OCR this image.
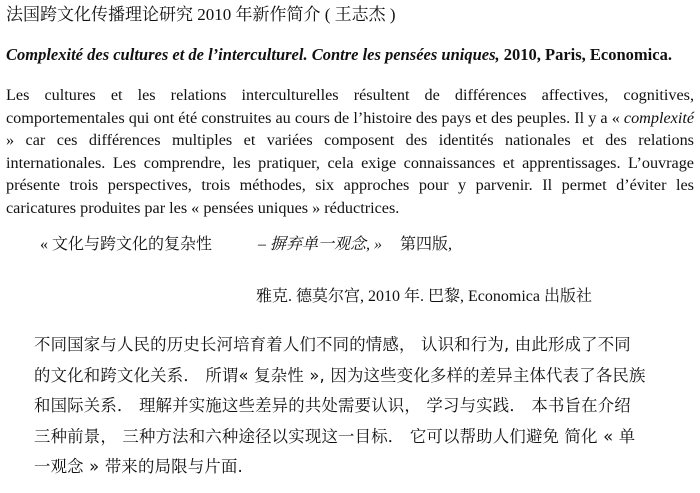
法国跨文化传播理论研究 2010 年新作简介 ( 王志杰 )
Complexité des cultures et de l’interculturel. Contre les pensées uniques, 2010, Paris, Economica.
Les cultures et les relations interculturelles résultent de différences affectives, cognitives, comportementales qui ont été construites au cours de l’histoire des pays et des peuples. Il y a « complexité » car ces différences multiples et variées composent des identités nationales et des relations internationales. Les comprendre, les pratiquer, cela exige connaissances et apprentissages. L’ouvrage présente trois perspectives, trois méthodes, six approches pour y parvenir. Il permet d’éviter les caricatures produites par les « pensées uniques » réductrices.
« 文化与跨文化的复杂性	– 摒弃单一观念, » 第四版,
雅克. 德莫尔宫, 2010 年. 巴黎, Economica 出版社
不同国家与人民的历史长河培育着人们不同的情感， 认识和行为, 由此形成了不同
的文化和跨文化关系． 所谓« 复杂性 », 因为这些变化多样的差异主体代表了各民族
和国际关系． 理解并实施这些差异的共处需要认识， 学习与实践． 本书旨在介绍
三种前景， 三种方法和六种途径以实现这一目标． 它可以帮助人们避免 简化 « 单
一观念 » 带来的局限与片面.
